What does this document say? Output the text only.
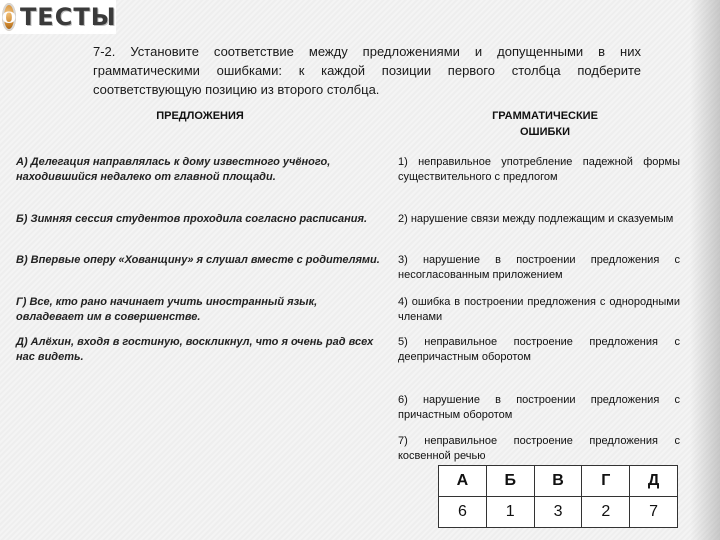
О ТЕСТЫ
7-2. Установите соответствие между предложениями и допущенными в них грамматическими ошибками: к каждой позиции первого столбца подберите соответствующую позицию из второго столбца.
ПРЕДЛОЖЕНИЯ	ГРАММАТИЧЕСКИЕ
ОШИБКИ
А) Делегация направлялась к дому известного учёного, находившийся недалеко от главной площади.
Б) Зимняя сессия студентов проходила согласно расписания.
В) Впервые оперу «Хованщину» я слушал вместе с родителями.
Г) Все, кто рано начинает учить иностранный язык, овладевает им в совершенстве.
Д) Алёхин, входя в гостиную, воскликнул, что я очень рад всех нас видеть.
1) неправильное употребление падежной формы существительного с предлогом
2) нарушение связи между подлежащим и сказуемым
3) нарушение в построении предложения с несогласованным приложением
4) ошибка в построении предложения с однородными членами
5) неправильное построение предложения с деепричастным оборотом
6) нарушение в построении предложения с причастным оборотом
7) неправильное построение предложения с косвенной речью
А	Б	В	Г	Д
6	1	3	2	7
